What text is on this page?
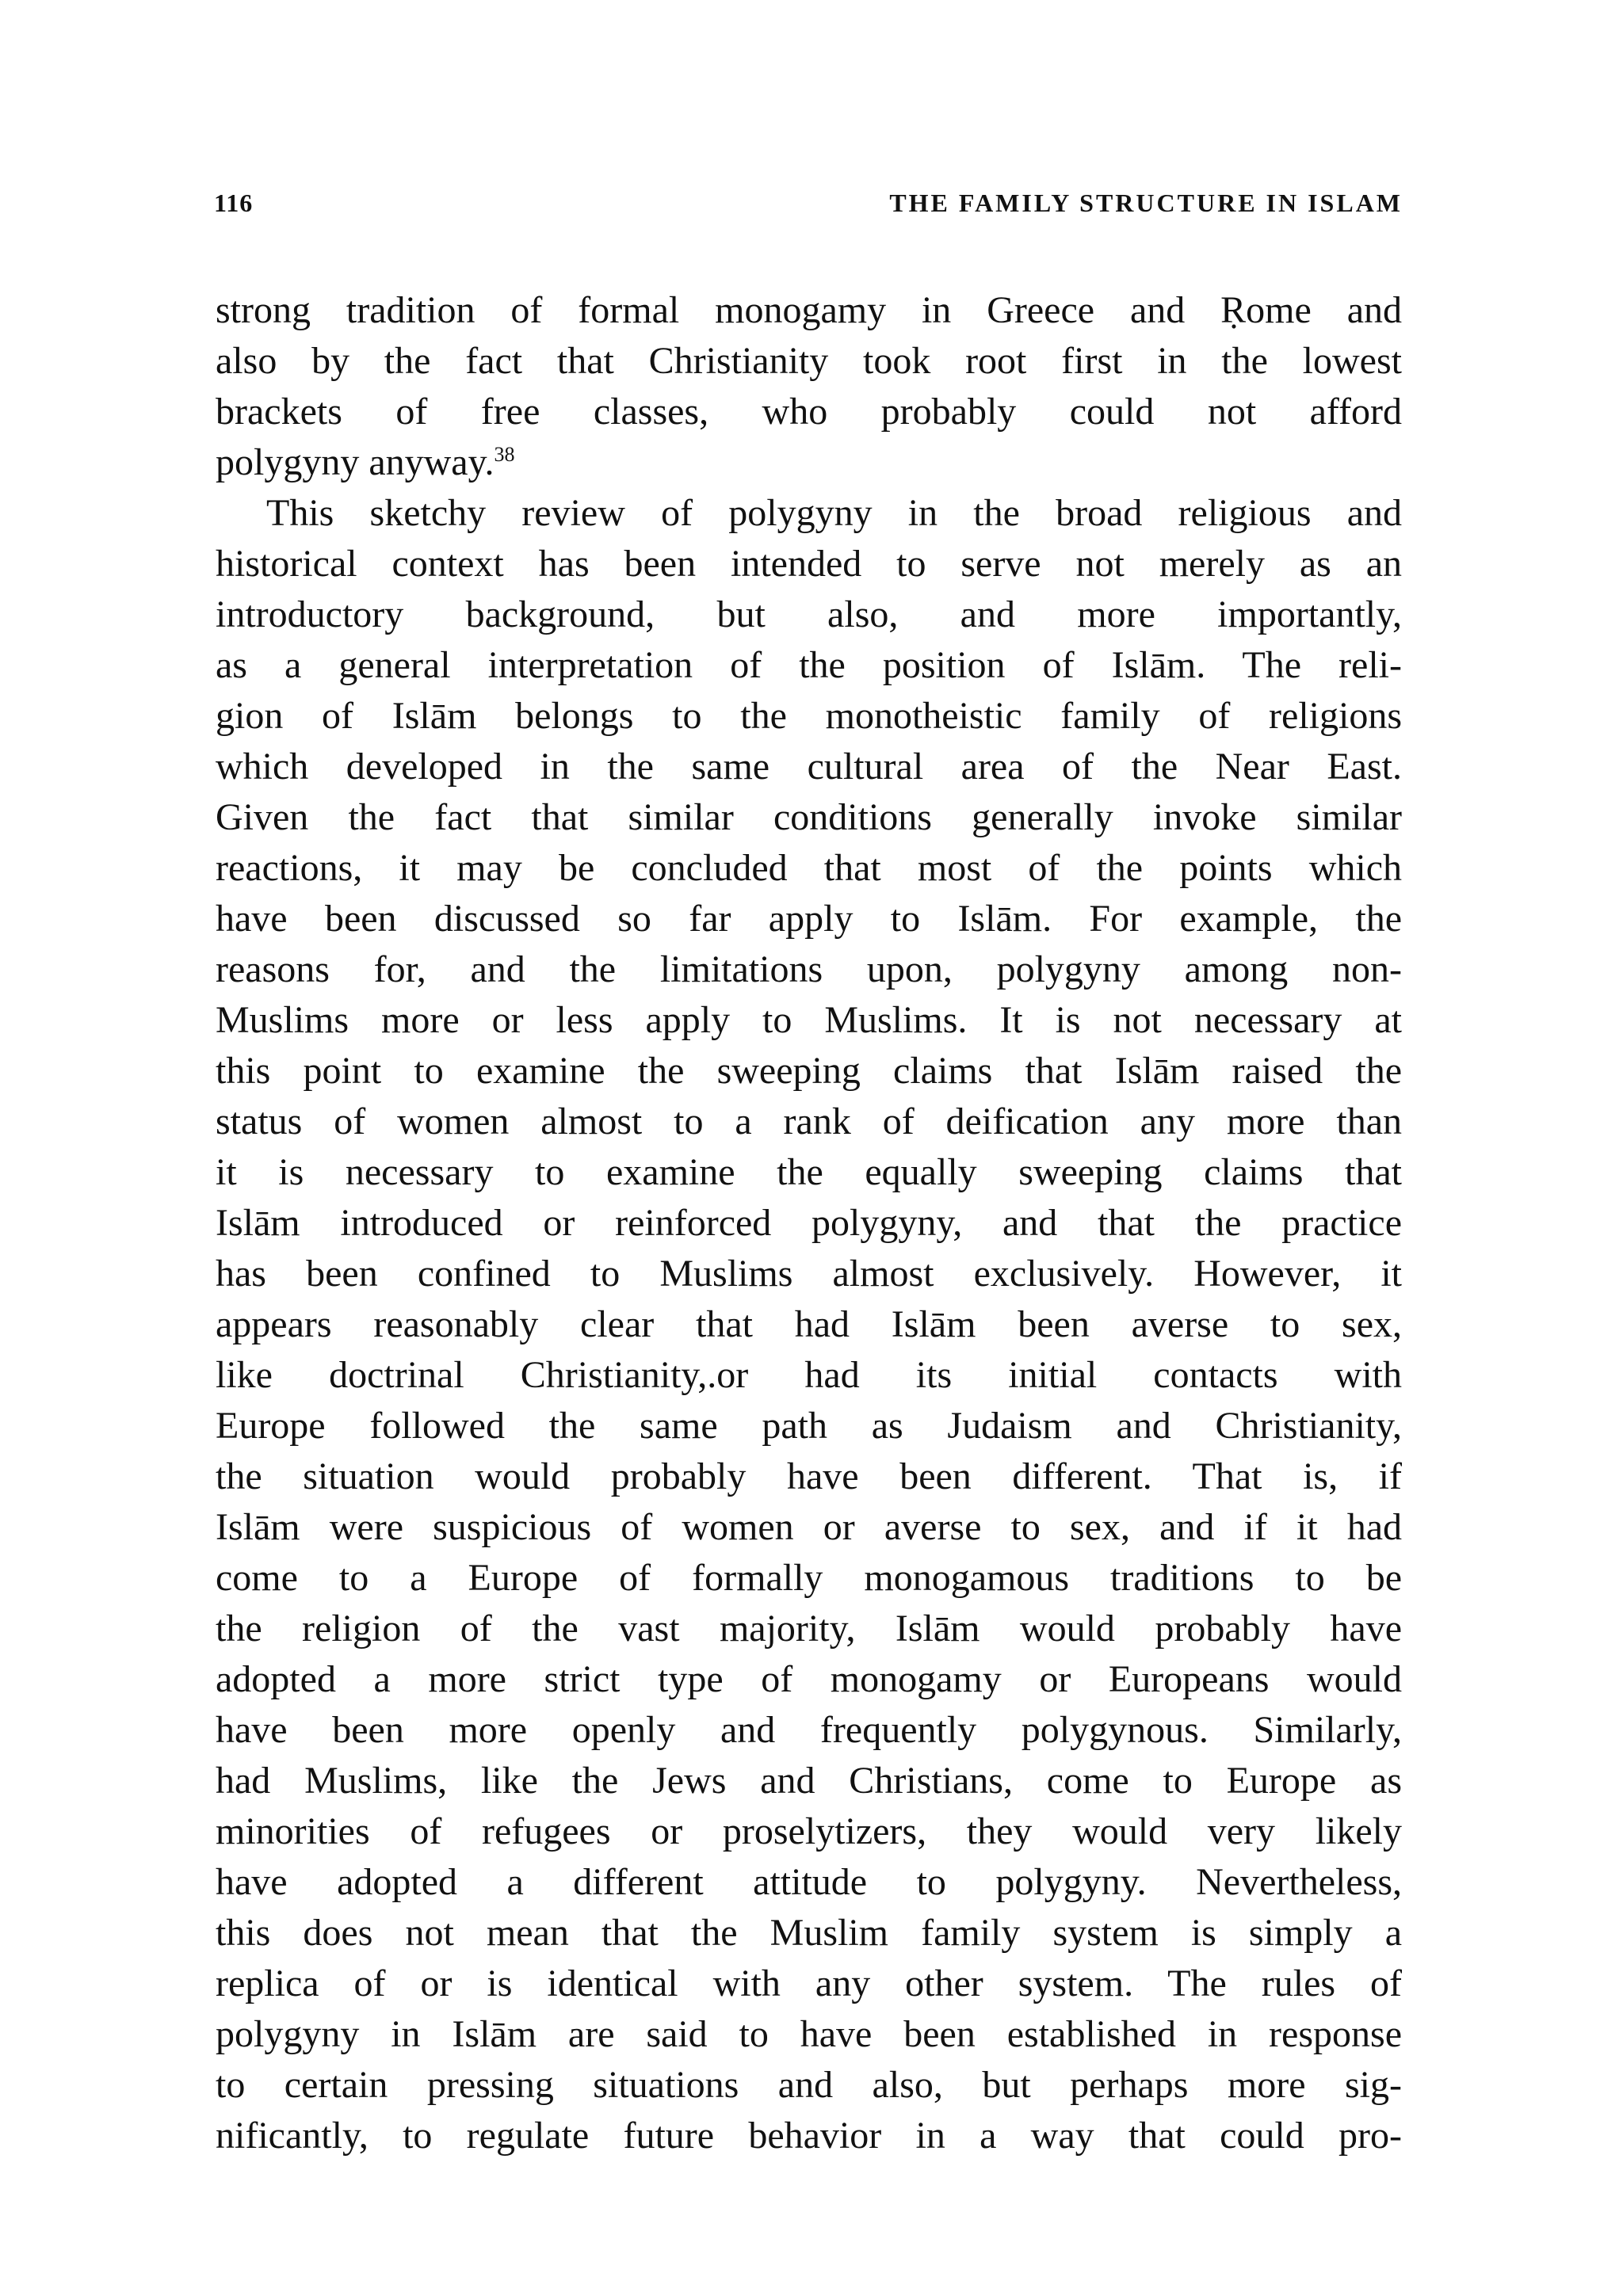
116	THE FAMILY STRUCTURE IN ISLAM
strong tradition of formal monogamy in Greece and Ṛome and
also by the fact that Christianity took root first in the lowest
brackets of free classes, who probably could not afford
polygyny anyway.$^{38}$
This sketchy review of polygyny in the broad religious and
historical context has been intended to serve not merely as an
introductory background, but also, and more importantly,
as a general interpretation of the position of Islām. The reli-
gion of Islām belongs to the monotheistic family of religions
which developed in the same cultural area of the Near East.
Given the fact that similar conditions generally invoke similar
reactions, it may be concluded that most of the points which
have been discussed so far apply to Islām. For example, the
reasons for, and the limitations upon, polygyny among non-
Muslims more or less apply to Muslims. It is not necessary at
this point to examine the sweeping claims that Islām raised the
status of women almost to a rank of deification any more than
it is necessary to examine the equally sweeping claims that
Islām introduced or reinforced polygyny, and that the practice
has been confined to Muslims almost exclusively. However, it
appears reasonably clear that had Islām been averse to sex,
like doctrinal Christianity,.or had its initial contacts with
Europe followed the same path as Judaism and Christianity,
the situation would probably have been different. That is, if
Islām were suspicious of women or averse to sex, and if it had
come to a Europe of formally monogamous traditions to be
the religion of the vast majority, Islām would probably have
adopted a more strict type of monogamy or Europeans would
have been more openly and frequently polygynous. Similarly,
had Muslims, like the Jews and Christians, come to Europe as
minorities of refugees or proselytizers, they would very likely
have adopted a different attitude to polygyny. Nevertheless,
this does not mean that the Muslim family system is simply a
replica of or is identical with any other system. The rules of
polygyny in Islām are said to have been established in response
to certain pressing situations and also, but perhaps more sig-
nificantly, to regulate future behavior in a way that could pro-
